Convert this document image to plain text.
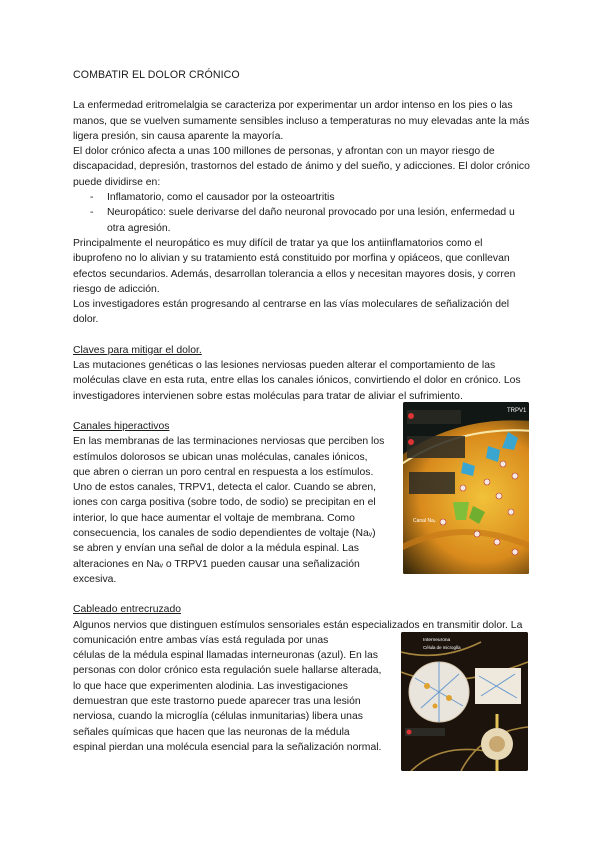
COMBATIR EL DOLOR CRÓNICO

La enfermedad eritromelalgia se caracteriza por experimentar un ardor intenso en los pies o las manos, que se vuelven sumamente sensibles incluso a temperaturas no muy elevadas ante la más ligera presión, sin causa aparente la mayoría.

El dolor crónico afecta a unas 100 millones de personas, y afrontan con un mayor riesgo de discapacidad, depresión, trastornos del estado de ánimo y del sueño, y adicciones. El dolor crónico puede dividirse en:

- Inflamatorio, como el causador por la osteoartritis
- Neuropático: suele derivarse del daño neuronal provocado por una lesión, enfermedad u otra agresión.

Principalmente el neuropático es muy difícil de tratar ya que los antiinflamatorios como el ibuprofeno no lo alivian y su tratamiento está constituido por morfina y opiáceos, que conllevan efectos secundarios. Además, desarrollan tolerancia a ellos y necesitan mayores dosis, y corren riesgo de adicción.

Los investigadores están progresando al centrarse en las vías moleculares de señalización del dolor.

Claves para mitigar el dolor.

Las mutaciones genéticas o las lesiones nerviosas pueden alterar el comportamiento de las moléculas clave en esta ruta, entre ellas los canales iónicos, convirtiendo el dolor en crónico. Los investigadores intervienen sobre estas moléculas para tratar de aliviar el sufrimiento.

Canales hiperactivos

En las membranas de las terminaciones nerviosas que perciben los estímulos dolorosos se ubican unas moléculas, canales iónicos, que abren o cierran un poro central en respuesta a los estímulos. Uno de estos canales, TRPV1, detecta el calor. Cuando se abren, iones con carga positiva (sobre todo, de sodio) se precipitan en el interior, lo que hace aumentar el voltaje de membrana. Como consecuencia, los canales de sodio dependientes de voltaje (Naᵥ) se abren y envían una señal de dolor a la médula espinal. Las alteraciones en Naᵥ o TRPV1 pueden causar una señalización excesiva.

Cableado entrecruzado

Algunos nervios que distinguen estímulos sensoriales están especializados en transmitir dolor. La comunicación entre ambas vías está regulada por unas

células de la médula espinal llamadas interneuronas (azul). En las personas con dolor crónico esta regulación suele hallarse alterada, lo que hace que experimenten alodinia. Las investigaciones demuestran que este trastorno puede aparecer tras una lesión nerviosa, cuando la microglía (células inmunitarias) libera unas señales químicas que hacen que las neuronas de la médula espinal pierdan una molécula esencial para la señalización normal.

TRPV1
Canal Naᵥ
Interneurona
Célula de microglía
